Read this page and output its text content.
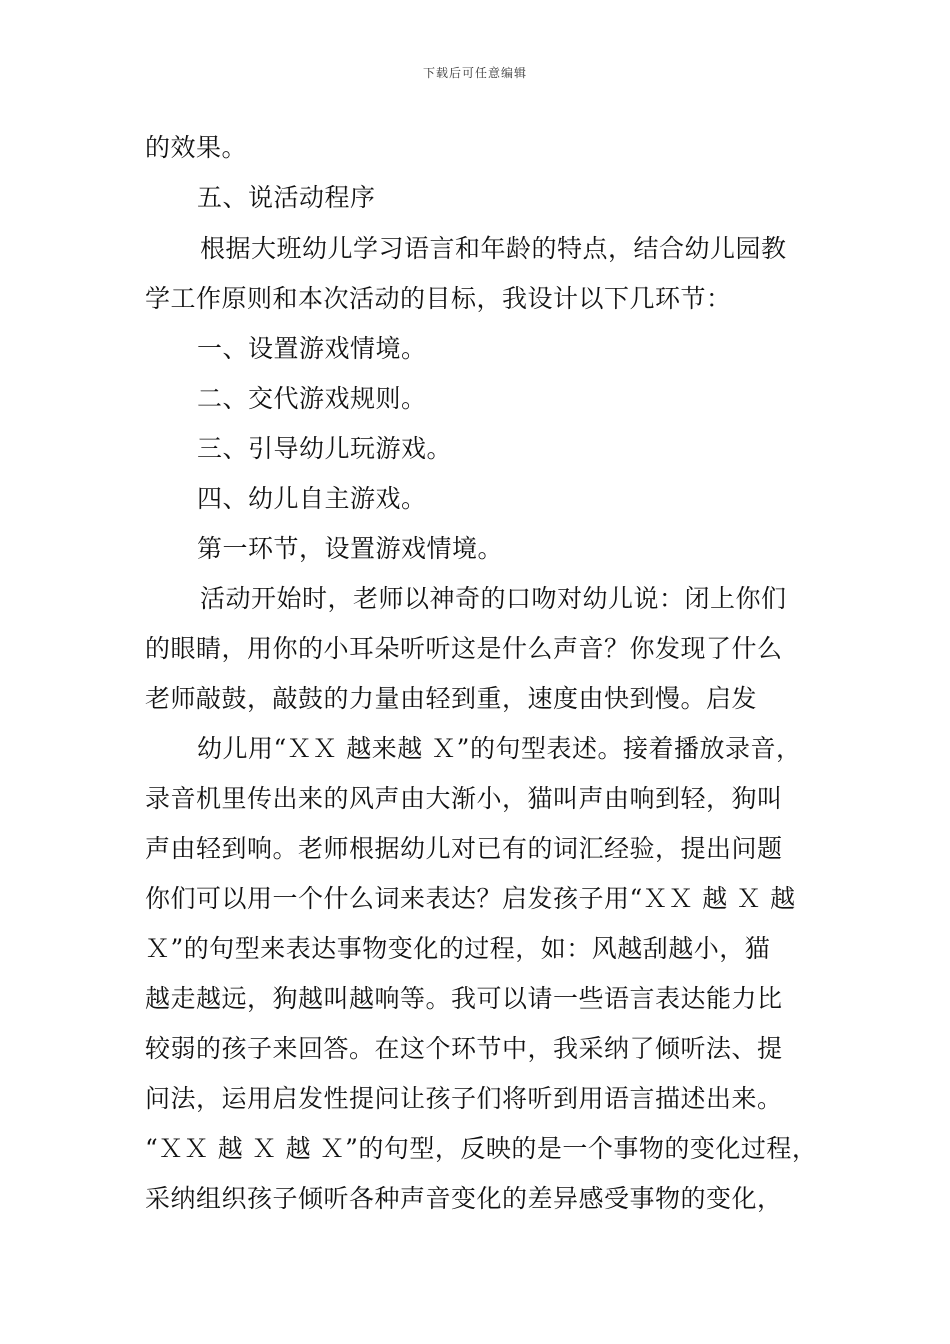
下载后可任意编辑
的效果。
五、说活动程序
根据大班幼儿学习语言和年龄的特点，结合幼儿园教
学工作原则和本次活动的目标，我设计以下几环节：
一、设置游戏情境。
二、交代游戏规则。
三、引导幼儿玩游戏。
四、幼儿自主游戏。
第一环节，设置游戏情境。
活动开始时，老师以神奇的口吻对幼儿说：闭上你们
的眼睛，用你的小耳朵听听这是什么声音？你发现了什么
老师敲鼓，敲鼓的力量由轻到重，速度由快到慢。启发
幼儿用“ＸＸ 越来越 Ｘ”的句型表述。接着播放录音，
录音机里传出来的风声由大渐小，猫叫声由响到轻，狗叫
声由轻到响。老师根据幼儿对已有的词汇经验，提出问题
你们可以用一个什么词来表达？启发孩子用“ＸＸ 越 Ｘ 越
Ｘ”的句型来表达事物变化的过程，如：风越刮越小，猫
越走越远，狗越叫越响等。我可以请一些语言表达能力比
较弱的孩子来回答。在这个环节中，我采纳了倾听法、提
问法，运用启发性提问让孩子们将听到用语言描述出来。
“ＸＸ 越 Ｘ 越 Ｘ”的句型，反映的是一个事物的变化过程，
采纳组织孩子倾听各种声音变化的差异感受事物的变化，
